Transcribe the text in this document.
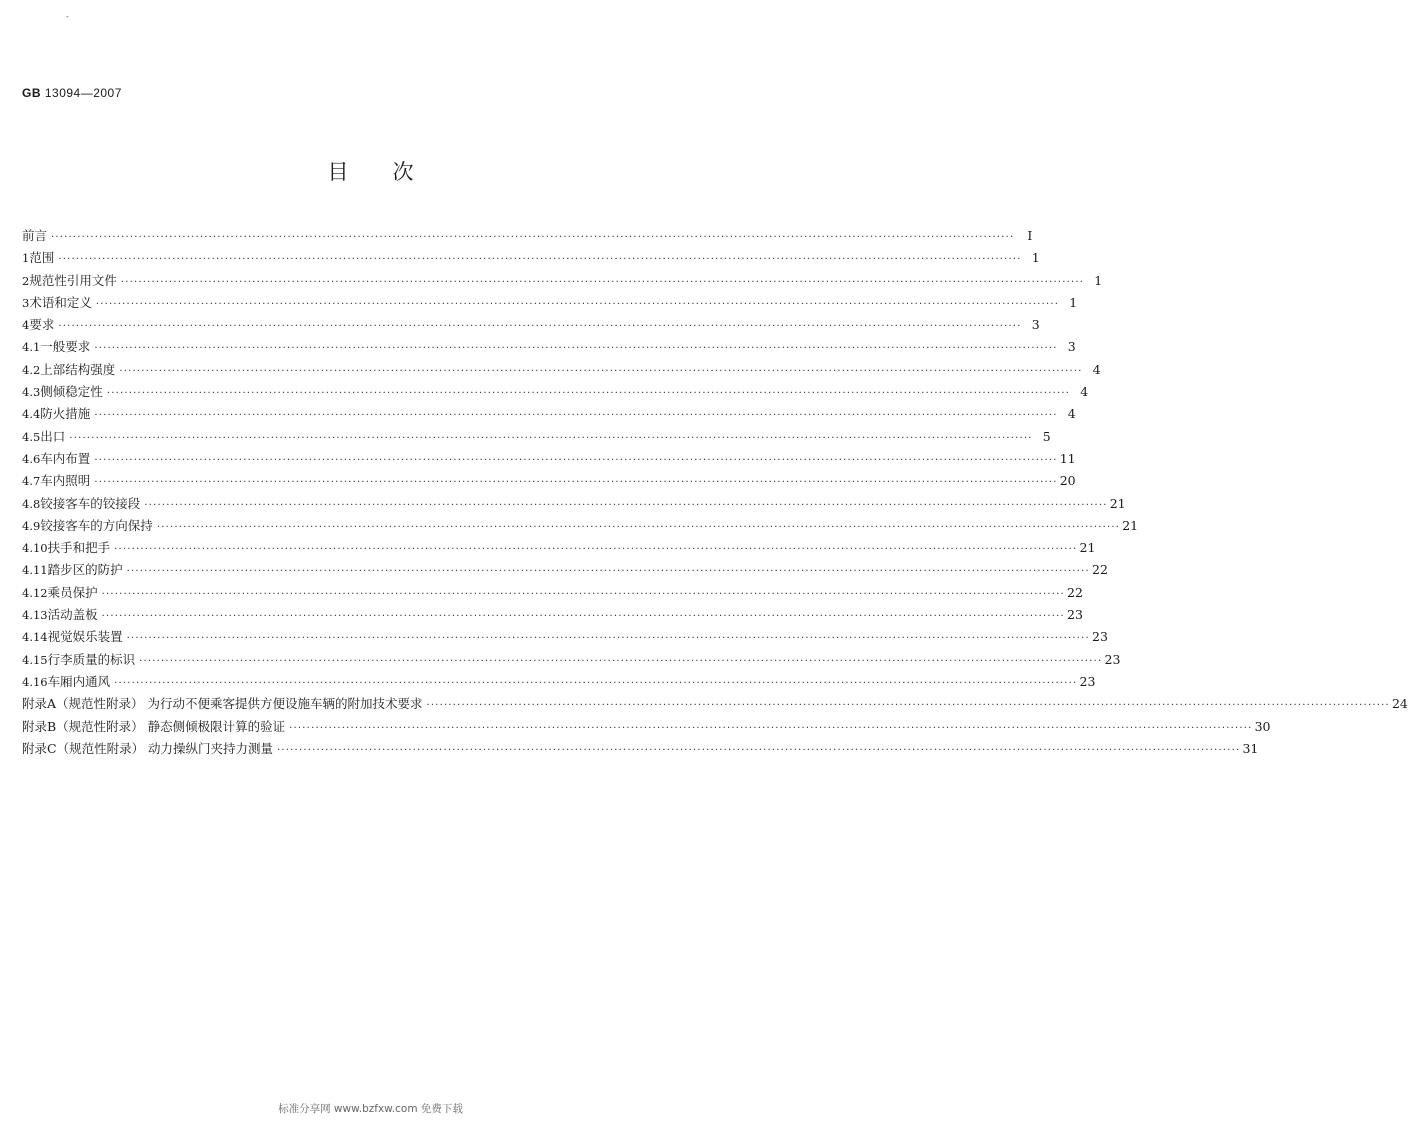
-
GB 13094—2007
目次
前言 ····························································································································································································································	I
1 范围 ···························································································································································································································· 1
2 规范性引用文件 ···························································································································································································································· 1
3 术语和定义 ···························································································································································································································· 1
4 要求 ···························································································································································································································· 3
4.1 一般要求 ···························································································································································································································· 3
4.2 上部结构强度 ···························································································································································································································· 4
4.3 侧倾稳定性 ···························································································································································································································· 4
4.4 防火措施 ···························································································································································································································· 4
4.5 出口 ···························································································································································································································· 5
4.6 车内布置 ···························································································································································································································· 11
4.7 车内照明 ···························································································································································································································· 20
4.8 铰接客车的铰接段 ···························································································································································································································· 21
4.9 铰接客车的方向保持 ···························································································································································································································· 21
4.10 扶手和把手 ···························································································································································································································· 21
4.11 踏步区的防护 ···························································································································································································································· 22
4.12 乘员保护 ···························································································································································································································· 22
4.13 活动盖板 ···························································································································································································································· 23
4.14 视觉娱乐装置 ···························································································································································································································· 23
4.15 行李质量的标识 ···························································································································································································································· 23
4.16 车厢内通风 ···························································································································································································································· 23
附录A（规范性附录） 为行动不便乘客提供方便设施车辆的附加技术要求 ···························································································································································································································· 24
附录B（规范性附录） 静态侧倾极限计算的验证 ···························································································································································································································· 30
附录C（规范性附录） 动力操纵门夹持力测量 ···························································································································································································································· 31
标准分享网 www.bzfxw.com 免费下载
